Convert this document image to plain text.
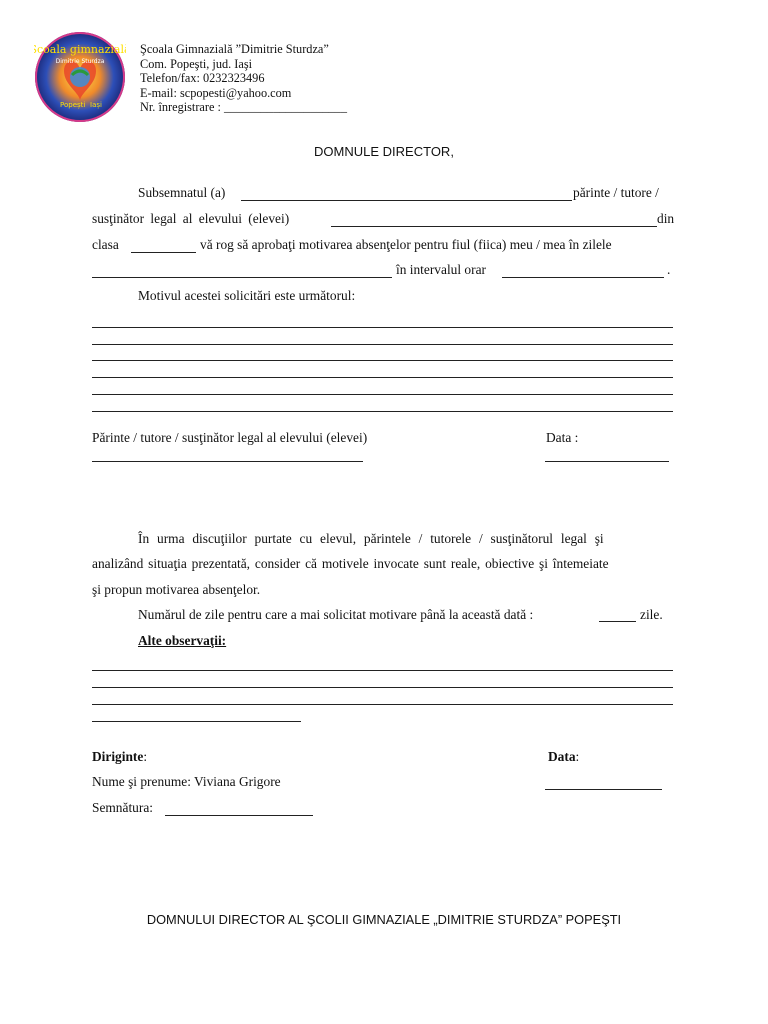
Școala gimnazială
Dimitrie Sturdza
Popești Iași
Şcoala Gimnazială ”Dimitrie Sturdza”
Com. Popeşti, jud. Iaşi
Telefon/fax: 0232323496
E-mail: scpopesti@yahoo.com
Nr. înregistrare : ____________________
DOMNULE DIRECTOR,
Subsemnatul (a)	părinte / tutore /
susţinător legal al elevului (elevei)	din
clasa	vă rog să aprobaţi motivarea absenţelor pentru fiul (fiica) meu / mea în zilele
în intervalul orar	.
Motivul acestei solicitări este următorul:
Părinte / tutore / susţinător legal al elevului (elevei)	Data :
În urma discuţiilor purtate cu elevul, părintele / tutorele / susţinătorul legal şi
analizând situaţia prezentată, consider că motivele invocate sunt reale, obiective şi întemeiate
şi propun motivarea absenţelor.
Numărul de zile pentru care a mai solicitat motivare până la această dată :	zile.
Alte observaţii:
Diriginte:	Data:
Nume şi prenume: Viviana Grigore
Semnătura:
DOMNULUI DIRECTOR AL ŞCOLII GIMNAZIALE „DIMITRIE STURDZA” POPEŞTI
